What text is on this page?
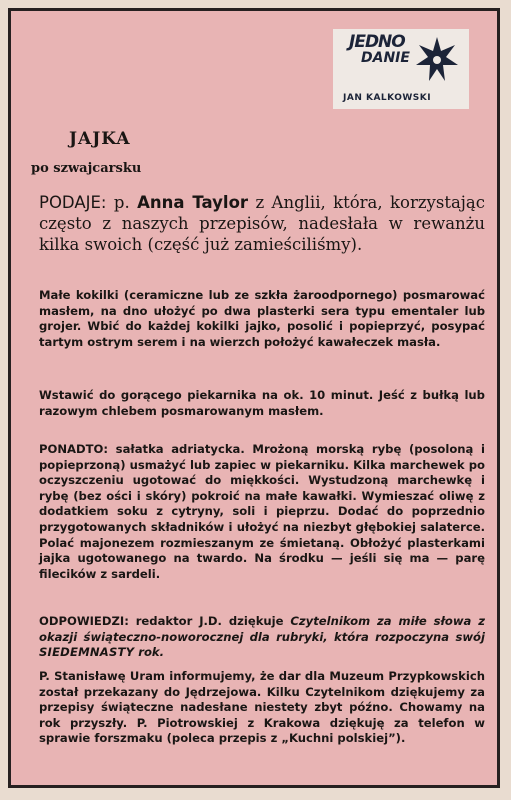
JEDNO
DANIE
JAN KALKOWSKI
JAJKA
po szwajcarsku
PODAJE: p. Anna Taylor z Anglii, która, korzystając często z naszych przepisów, nadesłała w rewanżu kilka swoich (część już zamieściliśmy).
Małe kokilki (ceramiczne lub ze szkła żaroodpornego) posmarować masłem, na dno ułożyć po dwa plasterki sera typu ementaler lub grojer. Wbić do każdej kokilki jajko, posolić i popieprzyć, posypać tartym ostrym serem i na wierzch położyć kawałeczek masła.
Wstawić do gorącego piekarnika na ok. 10 minut. Jeść z bułką lub razowym chlebem posmarowanym masłem.
PONADTO: sałatka adriatycka. Mrożoną morską rybę (posoloną i popieprzoną) usmażyć lub zapiec w piekarniku. Kilka marchewek po oczyszczeniu ugotować do miękkości. Wystudzoną marchewkę i rybę (bez ości i skóry) pokroić na małe kawałki. Wymieszać oliwę z dodatkiem soku z cytryny, soli i pieprzu. Dodać do poprzednio przygotowanych składników i ułożyć na niezbyt głębokiej salaterce. Polać majonezem rozmieszanym ze śmietaną. Obłożyć plasterkami jajka ugotowanego na twardo. Na środku — jeśli się ma — parę filecików z sardeli.
ODPOWIEDZI: redaktor J.D. dziękuje Czytelnikom za miłe słowa z okazji świąteczno-noworocznej dla rubryki, która rozpoczyna swój SIEDEMNASTY rok.
P. Stanisławę Uram informujemy, że dar dla Muzeum Przypkowskich został przekazany do Jędrzejowa. Kilku Czytelnikom dziękujemy za przepisy świąteczne nadesłane niestety zbyt późno. Chowamy na rok przyszły. P. Piotrowskiej z Krakowa dziękuję za telefon w sprawie forszmaku (poleca przepis z „Kuchni polskiej”).
